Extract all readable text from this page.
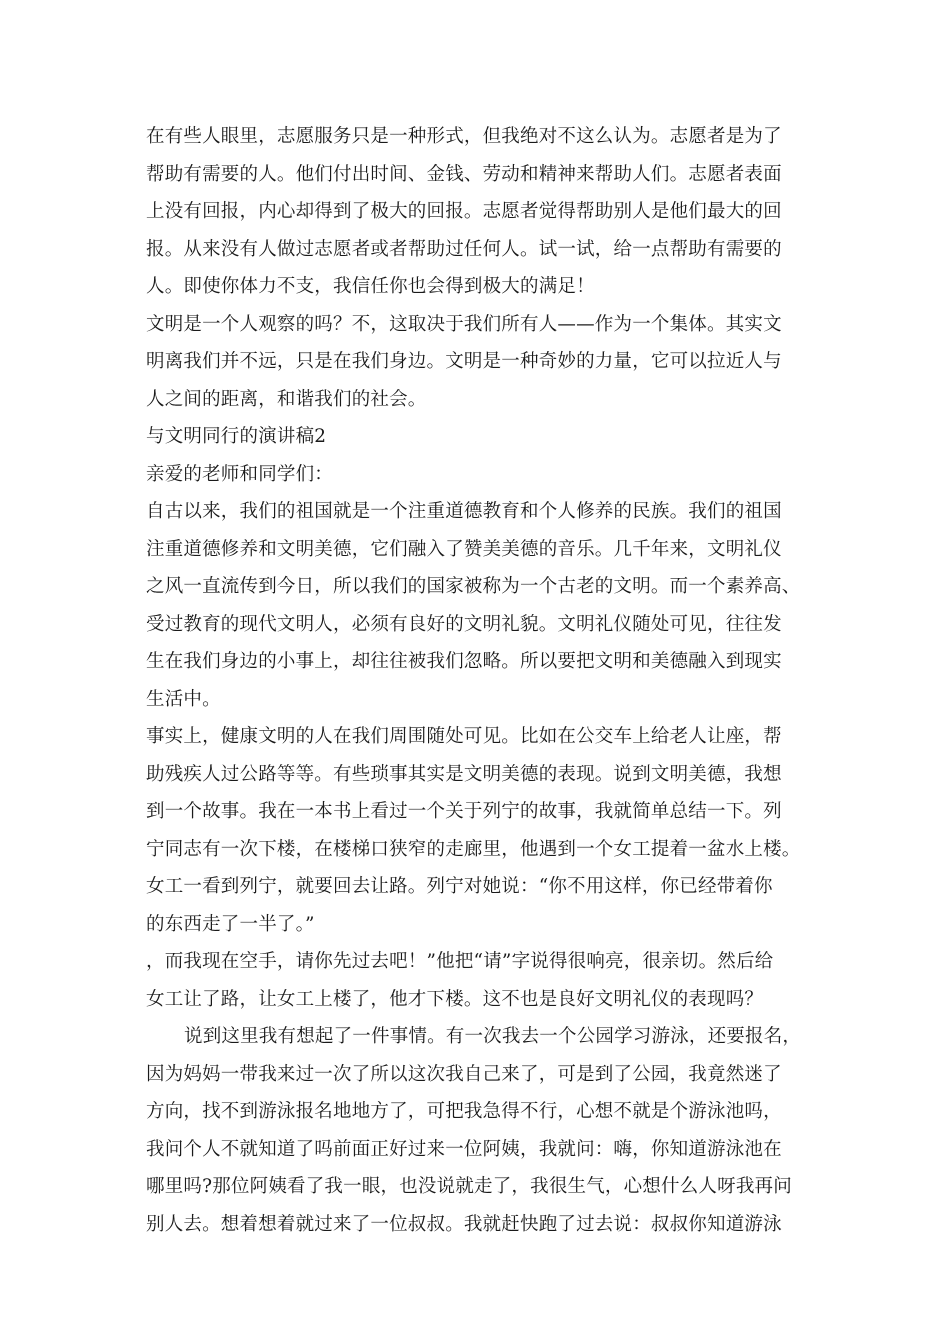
在有些人眼里，志愿服务只是一种形式，但我绝对不这么认为。志愿者是为了
帮助有需要的人。他们付出时间、金钱、劳动和精神来帮助人们。志愿者表面
上没有回报，内心却得到了极大的回报。志愿者觉得帮助别人是他们最大的回
报。从来没有人做过志愿者或者帮助过任何人。试一试，给一点帮助有需要的
人。即使你体力不支，我信任你也会得到极大的满足！
文明是一个人观察的吗？不，这取决于我们所有人——作为一个集体。其实文
明离我们并不远，只是在我们身边。文明是一种奇妙的力量，它可以拉近人与
人之间的距离，和谐我们的社会。
与文明同行的演讲稿2
亲爱的老师和同学们：
自古以来，我们的祖国就是一个注重道德教育和个人修养的民族。我们的祖国
注重道德修养和文明美德，它们融入了赞美美德的音乐。几千年来，文明礼仪
之风一直流传到今日，所以我们的国家被称为一个古老的文明。而一个素养高、
受过教育的现代文明人，必须有良好的文明礼貌。文明礼仪随处可见，往往发
生在我们身边的小事上，却往往被我们忽略。所以要把文明和美德融入到现实
生活中。
事实上，健康文明的人在我们周围随处可见。比如在公交车上给老人让座，帮
助残疾人过公路等等。有些琐事其实是文明美德的表现。说到文明美德，我想
到一个故事。我在一本书上看过一个关于列宁的故事，我就简单总结一下。列
宁同志有一次下楼，在楼梯口狭窄的走廊里，他遇到一个女工提着一盆水上楼。
女工一看到列宁，就要回去让路。列宁对她说：“你不用这样，你已经带着你
的东西走了一半了。”
，而我现在空手，请你先过去吧！”他把“请”字说得很响亮，很亲切。然后给
女工让了路，让女工上楼了，他才下楼。这不也是良好文明礼仪的表现吗？
说到这里我有想起了一件事情。有一次我去一个公园学习游泳，还要报名，
因为妈妈一带我来过一次了所以这次我自己来了，可是到了公园，我竟然迷了
方向，找不到游泳报名地地方了，可把我急得不行，心想不就是个游泳池吗，
我问个人不就知道了吗前面正好过来一位阿姨，我就问：嗨，你知道游泳池在
哪里吗?那位阿姨看了我一眼，也没说就走了，我很生气，心想什么人呀我再问
别人去。想着想着就过来了一位叔叔。我就赶快跑了过去说：叔叔你知道游泳
